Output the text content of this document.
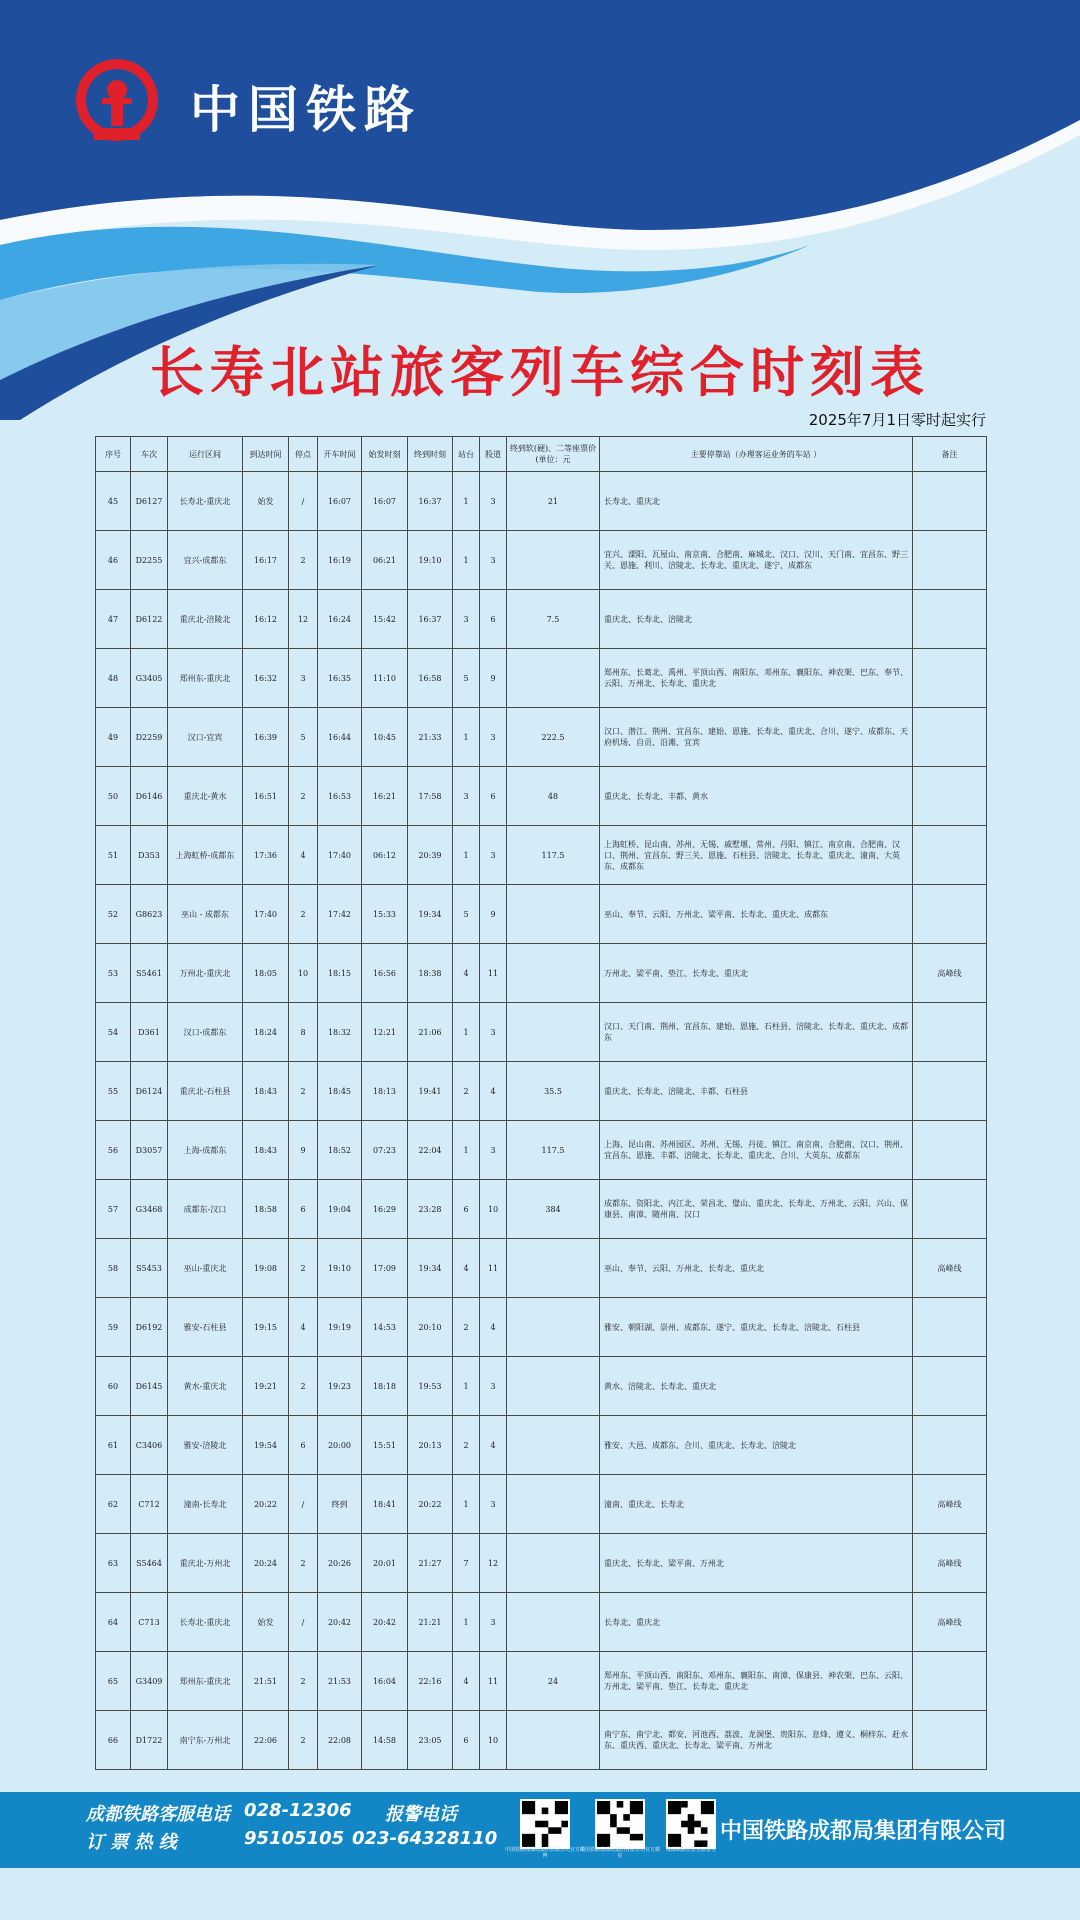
中国铁路
长寿北站旅客列车综合时刻表
2025年7月1日零时起实行
序号	车次	运行区间	到达时间	停点	开车时间	始发时刻	终到时刻	站台	股道	终到软(硬)、二等座票价(单位：元	主要停靠站（办理客运业务的车站 ）	备注
45	D6127	长寿北-重庆北	始发	/	16:07	16:07	16:37	1	3	21	长寿北、重庆北	
46	D2255	宜兴-成都东	16:17	2	16:19	06:21	19:10	1	3		宜兴、溧阳、瓦屋山、南京南、合肥南、麻城北、汉口、汉川、天门南、宜昌东、野三关、恩施、利川、涪陵北、长寿北、重庆北、遂宁、成都东	
47	D6122	重庆北-涪陵北	16:12	12	16:24	15:42	16:37	3	6	7.5	重庆北、长寿北、涪陵北	
48	G3405	郑州东-重庆北	16:32	3	16:35	11:10	16:58	5	9		郑州东、长葛北、禹州、平顶山西、南阳东、邓州东、襄阳东、神农架、巴东、奉节、云阳、万州北、长寿北、重庆北	
49	D2259	汉口-宜宾	16:39	5	16:44	10:45	21:33	1	3	222.5	汉口、潜江、荆州、宜昌东、建始、恩施、长寿北、重庆北、合川、遂宁、成都东、天府机场、自贡、沿滩、宜宾	
50	D6146	重庆北-黄水	16:51	2	16:53	16:21	17:58	3	6	48	重庆北、长寿北、丰都、黄水	
51	D353	上海虹桥-成都东	17:36	4	17:40	06:12	20:39	1	3	117.5	上海虹桥、昆山南、苏州、无锡、戚墅堰、常州、丹阳、镇江、南京南、合肥南、汉口、荆州、宜昌东、野三关、恩施、石柱县、涪陵北、长寿北、重庆北、潼南、大英东、成都东	
52	G8623	巫山 - 成都东	17:40	2	17:42	15:33	19:34	5	9		巫山、奉节、云阳、万州北、梁平南、长寿北、重庆北、成都东	
53	S5461	万州北-重庆北	18:05	10	18:15	16:56	18:38	4	11		万州北、梁平南、垫江、长寿北、重庆北	高峰线
54	D361	汉口-成都东	18:24	8	18:32	12:21	21:06	1	3		汉口、天门南、荆州、宜昌东、建始、恩施、石柱县、涪陵北、长寿北、重庆北、成都东	
55	D6124	重庆北-石柱县	18:43	2	18:45	18:13	19:41	2	4	35.5	重庆北、长寿北、涪陵北、丰都、石柱县	
56	D3057	上海-成都东	18:43	9	18:52	07:23	22:04	1	3	117.5	上海、昆山南、苏州园区、苏州、无锡、丹徒、镇江、南京南、合肥南、汉口、荆州、宜昌东、恩施、丰都、涪陵北、长寿北、重庆北、合川、大英东、成都东	
57	G3468	成都东-汉口	18:58	6	19:04	16:29	23:28	6	10	384	成都东、资阳北、内江北、荣昌北、璧山、重庆北、长寿北、万州北、云阳、兴山、保康县、南漳、随州南、汉口	
58	S5453	巫山-重庆北	19:08	2	19:10	17:09	19:34	4	11		巫山、奉节、云阳、万州北、长寿北、重庆北	高峰线
59	D6192	雅安-石柱县	19:15	4	19:19	14:53	20:10	2	4		雅安、朝阳湖、崇州、成都东、遂宁、重庆北、长寿北、涪陵北、石柱县	
60	D6145	黄水-重庆北	19:21	2	19:23	18:18	19:53	1	3		黄水、涪陵北、长寿北、重庆北	
61	C3406	雅安-涪陵北	19:54	6	20:00	15:51	20:13	2	4		雅安、大邑、成都东、合川、重庆北、长寿北、涪陵北	
62	C712	潼南-长寿北	20:22	/	终到	18:41	20:22	1	3		潼南、重庆北、长寿北	高峰线
63	S5464	重庆北-万州北	20:24	2	20:26	20:01	21:27	7	12		重庆北、长寿北、梁平南、万州北	高峰线
64	C713	长寿北-重庆北	始发	/	20:42	20:42	21:21	1	3		长寿北、重庆北	高峰线
65	G3409	郑州东-重庆北	21:51	2	21:53	16:04	22:16	4	11	24	郑州东、平顶山西、南阳东、邓州东、襄阳东、南漳、保康县、神农架、巴东、云阳、万州北、梁平南、垫江、长寿北、重庆北	
66	D1722	南宁东-万州北	22:06	2	22:08	14:58	23:05	6	10		南宁东、南宁北、都安、河池西、荔波、龙洞堡、贵阳东、息烽、遵义、桐梓东、赶水东、重庆西、重庆北、长寿北、梁平南、万州北	
成都铁路客服电话 028-12306
订 票 热 线	95105105
报警电话
023-64328110
中国铁路成都局集团有限公司官方微博
中国铁路成都局集团有限公司官方微信
成都铁路公安官微警务
中国铁路成都局集团有限公司
